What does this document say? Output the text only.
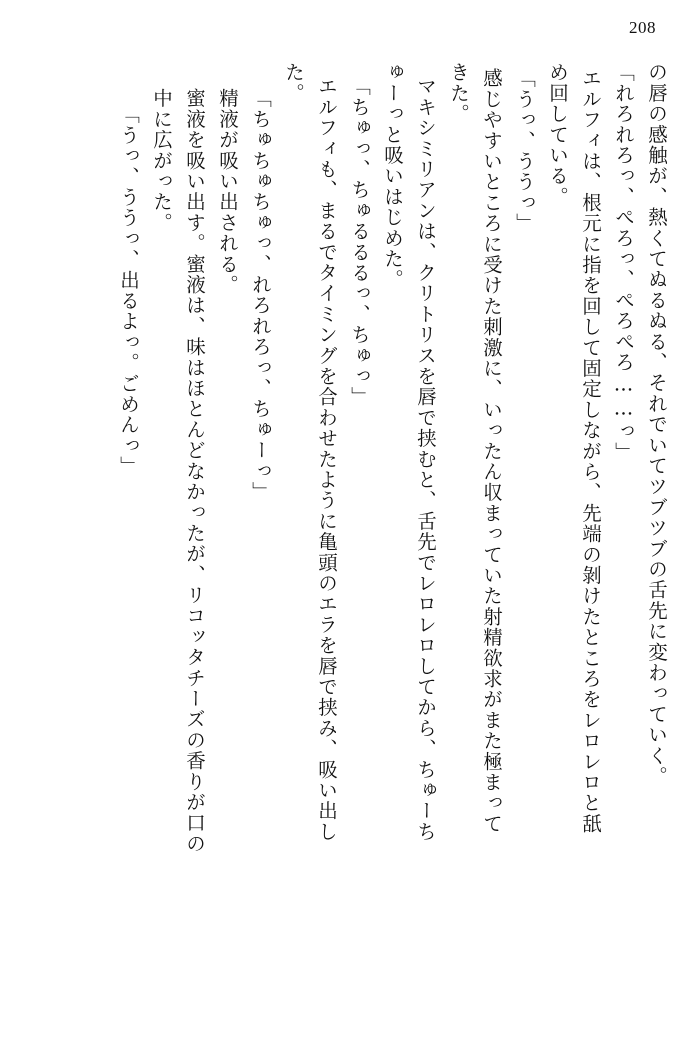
208
の唇の感触が、熱くてぬるぬる、それでいてツブツブの舌先に変わっていく。
「れろれろっ、ぺろっ、ぺろぺろ……っ」
エルフィは、根元に指を回して固定しながら、先端の剝けたところをレロレロと舐
め回している。
「うっ、ううっ」
感じやすいところに受けた刺激に、いったん収まっていた射精欲求がまた極まって
きた。
マキシミリアンは、クリトリスを唇で挟むと、舌先でレロレロしてから、ちゅーち
ゅーっと吸いはじめた。
「ちゅっ、ちゅるるるっ、ちゅっ」
エルフィも、まるでタイミングを合わせたように亀頭のエラを唇で挟み、吸い出し
た。
「ちゅちゅちゅっ、れろれろっ、ちゅーっ」
精液が吸い出される。
蜜液を吸い出す。蜜液は、味はほとんどなかったが、リコッタチーズの香りが口の
中に広がった。
「うっ、ううっ、出るよっ。ごめんっ」
